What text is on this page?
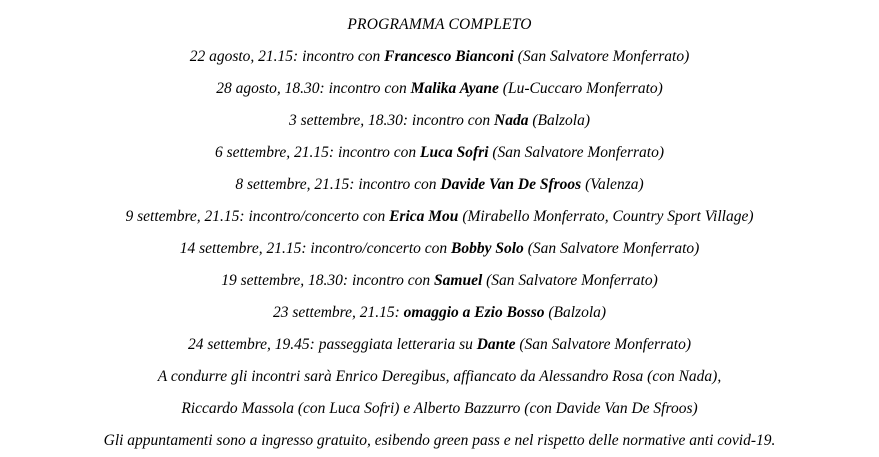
PROGRAMMA COMPLETO
22 agosto, 21.15: incontro con Francesco Bianconi (San Salvatore Monferrato)
28 agosto, 18.30: incontro con Malika Ayane (Lu-Cuccaro Monferrato)
3 settembre, 18.30: incontro con Nada (Balzola)
6 settembre, 21.15: incontro con Luca Sofri (San Salvatore Monferrato)
8 settembre, 21.15: incontro con Davide Van De Sfroos (Valenza)
9 settembre, 21.15: incontro/concerto con Erica Mou (Mirabello Monferrato, Country Sport Village)
14 settembre, 21.15: incontro/concerto con Bobby Solo (San Salvatore Monferrato)
19 settembre, 18.30: incontro con Samuel (San Salvatore Monferrato)
23 settembre, 21.15: omaggio a Ezio Bosso (Balzola)
24 settembre, 19.45: passeggiata letteraria su Dante (San Salvatore Monferrato)
A condurre gli incontri sarà Enrico Deregibus, affiancato da Alessandro Rosa (con Nada),
Riccardo Massola (con Luca Sofri) e Alberto Bazzurro (con Davide Van De Sfroos)
Gli appuntamenti sono a ingresso gratuito, esibendo green pass e nel rispetto delle normative anti covid-19.
